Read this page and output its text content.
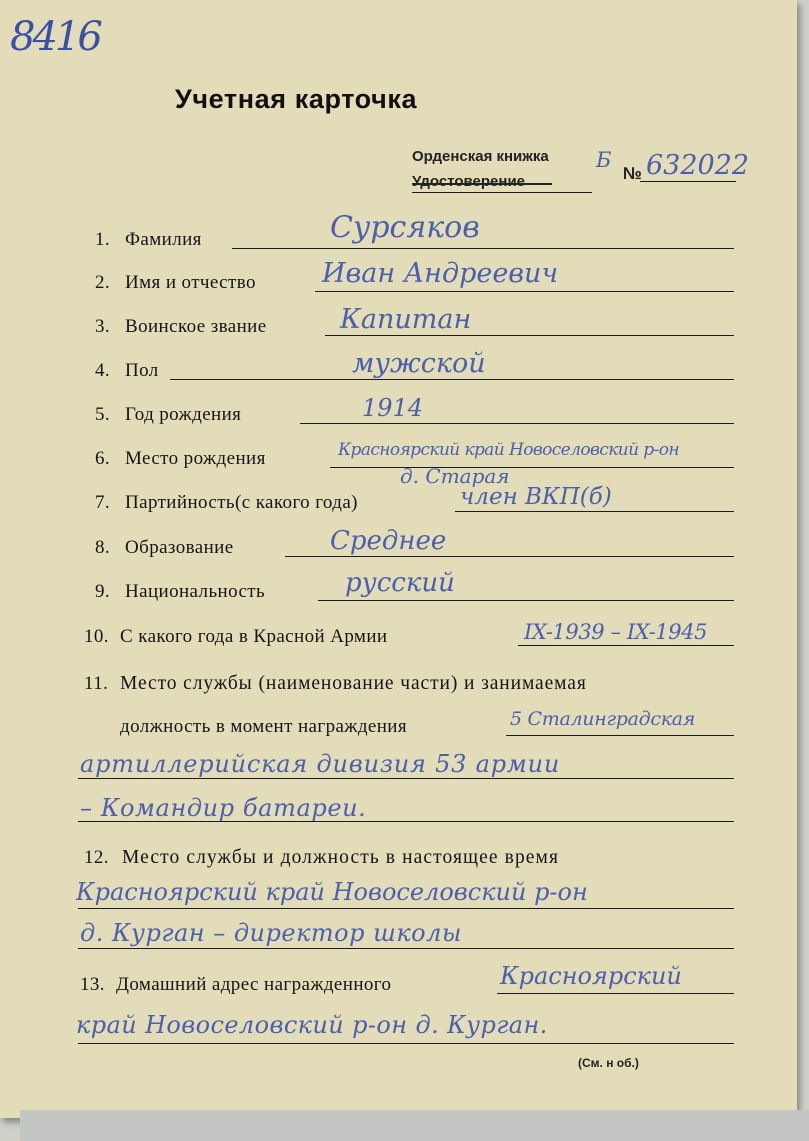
8416
Учетная карточка
Орденская книжка
Удостоверение
Б
№ 632022
1. Фамилия	Сурсяков
2. Имя и отчество Иван Андреевич
3. Воинское звание	Капитан
4. Пол	мужской
5. Год рождения	1914
6. Место рождения	Красноярский край Новоселовский р-он
д. Старая
7. Партийность(с какого года)	член ВКП(б)
8. Образование	Среднее
9. Национальность	русский
10. С какого года в Красной Армии	IX-1939 – IX-1945
11. Место службы (наименование части) и занимаемая
должность в момент награждения	5 Сталинградская
артиллерийская дивизия 53 армии
– Командир батареи.
12. Место службы и должность в настоящее время
Красноярский край Новоселовский р-он
д. Курган – директор школы
13. Домашний адрес награжденного	Красноярский
край Новоселовский р-он д. Курган.
(См. н об.)
